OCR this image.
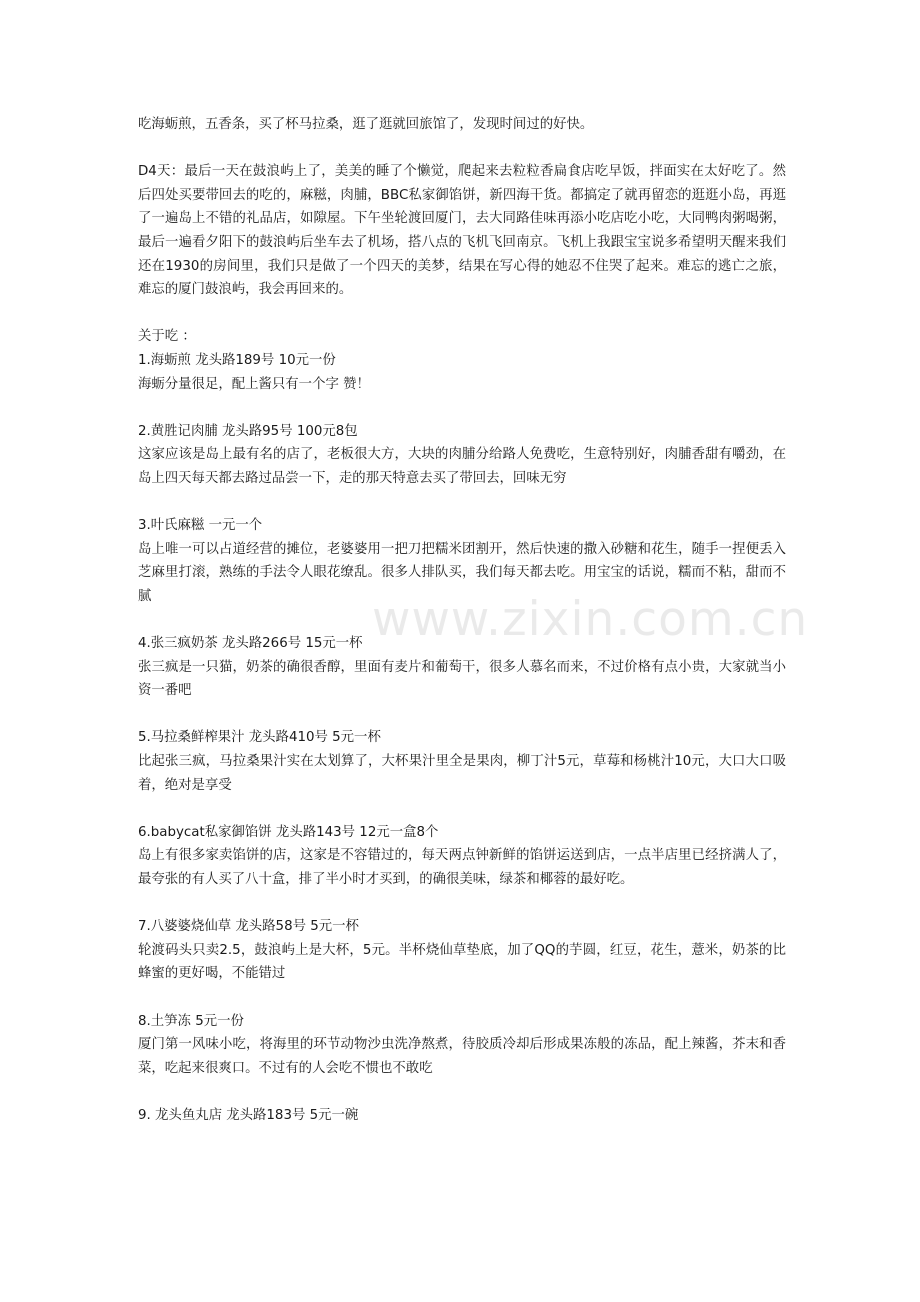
吃海蛎煎，五香条，买了杯马拉桑，逛了逛就回旅馆了，发现时间过的好快。

D4天：最后一天在鼓浪屿上了，美美的睡了个懒觉，爬起来去粒粒香扁食店吃早饭，拌面实在太好吃了。然后四处买要带回去的吃的，麻糍，肉脯，BBC私家御馅饼，新四海干货。都搞定了就再留恋的逛逛小岛，再逛了一遍岛上不错的礼品店，如隙屋。下午坐轮渡回厦门，去大同路佳味再添小吃店吃小吃，大同鸭肉粥喝粥，最后一遍看夕阳下的鼓浪屿后坐车去了机场，搭八点的飞机飞回南京。飞机上我跟宝宝说多希望明天醒来我们还在1930的房间里，我们只是做了一个四天的美梦，结果在写心得的她忍不住哭了起来。难忘的逃亡之旅，难忘的厦门鼓浪屿，我会再回来的。

关于吃 ：

1.海蛎煎 龙头路189号 10元一份

海蛎分量很足，配上酱只有一个字 赞！

2.黄胜记肉脯 龙头路95号 100元8包

这家应该是岛上最有名的店了，老板很大方，大块的肉脯分给路人免费吃，生意特别好，肉脯香甜有嚼劲，在岛上四天每天都去路过品尝一下，走的那天特意去买了带回去，回味无穷

3.叶氏麻糍 一元一个

岛上唯一可以占道经营的摊位，老婆婆用一把刀把糯米团割开，然后快速的撒入砂糖和花生，随手一捏便丢入芝麻里打滚，熟练的手法令人眼花缭乱。很多人排队买，我们每天都去吃。用宝宝的话说，糯而不粘，甜而不腻

4.张三疯奶茶 龙头路266号 15元一杯

张三疯是一只猫，奶茶的确很香醇，里面有麦片和葡萄干，很多人慕名而来，不过价格有点小贵，大家就当小资一番吧

5.马拉桑鲜榨果汁 龙头路410号 5元一杯

比起张三疯，马拉桑果汁实在太划算了，大杯果汁里全是果肉，柳丁汁5元，草莓和杨桃汁10元，大口大口吸着，绝对是享受

6.babycat私家御馅饼 龙头路143号 12元一盒8个

岛上有很多家卖馅饼的店，这家是不容错过的，每天两点钟新鲜的馅饼运送到店，一点半店里已经挤满人了，最夸张的有人买了八十盒，排了半小时才买到，的确很美味，绿茶和椰蓉的最好吃。

7.八婆婆烧仙草 龙头路58号 5元一杯

轮渡码头只卖2.5，鼓浪屿上是大杯，5元。半杯烧仙草垫底，加了QQ的芋圆，红豆，花生，薏米，奶茶的比蜂蜜的更好喝，不能错过

8.土笋冻 5元一份

厦门第一风味小吃，将海里的环节动物沙虫洗净熬煮，待胶质冷却后形成果冻般的冻品，配上辣酱，芥末和香菜，吃起来很爽口。不过有的人会吃不惯也不敢吃

9. 龙头鱼丸店 龙头路183号 5元一碗

www.zixin.com.cn
